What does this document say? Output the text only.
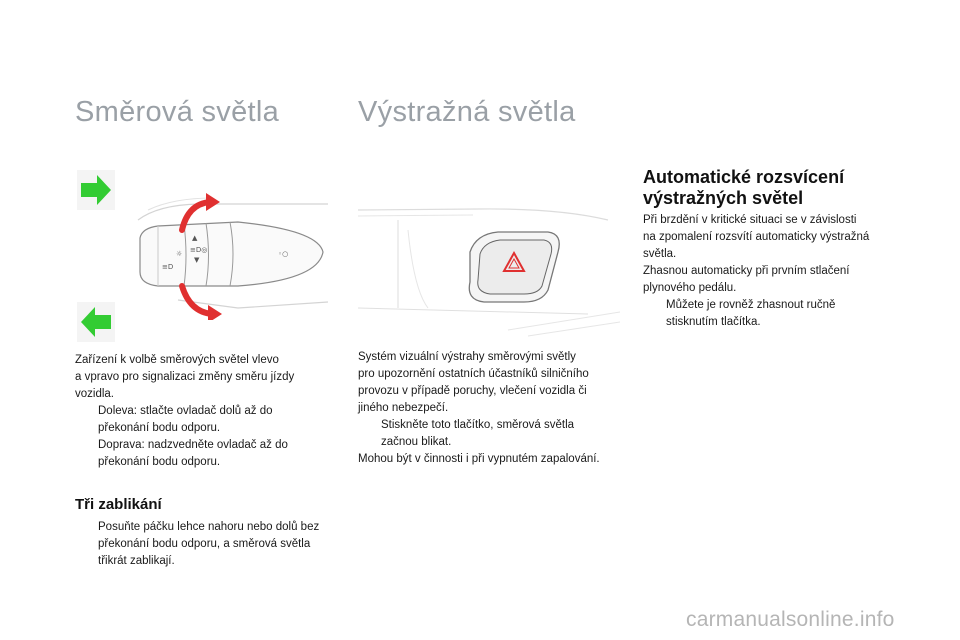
Směrová světla	Výstražná světla
≡D
☼
▲
≡D◎
▼
◦○

Zařízení k volbě směrových světel vlevo

a vpravo pro signalizaci změny směru jízdy

vozidla.

Doleva: stlačte ovladač dolů až do

překonání bodu odporu.

Doprava: nadzvedněte ovladač až do

překonání bodu odporu.

Tři zablikání

Posuňte páčku lehce nahoru nebo dolů bez

překonání bodu odporu, a směrová světla

třikrát zablikají.

Systém vizuální výstrahy směrovými světly

pro upozornění ostatních účastníků silničního

provozu v případě poruchy, vlečení vozidla či

jiného nebezpečí.

Stiskněte toto tlačítko, směrová světla

začnou blikat.

Mohou být v činnosti i při vypnutém zapalování.

Automatické rozsvícení
výstražných světel

Při brzdění v kritické situaci se v závislosti

na zpomalení rozsvítí automaticky výstražná

světla.

Zhasnou automaticky při prvním stlačení

plynového pedálu.

Můžete je rovněž zhasnout ručně

stisknutím tlačítka.

carmanualsonline.info
